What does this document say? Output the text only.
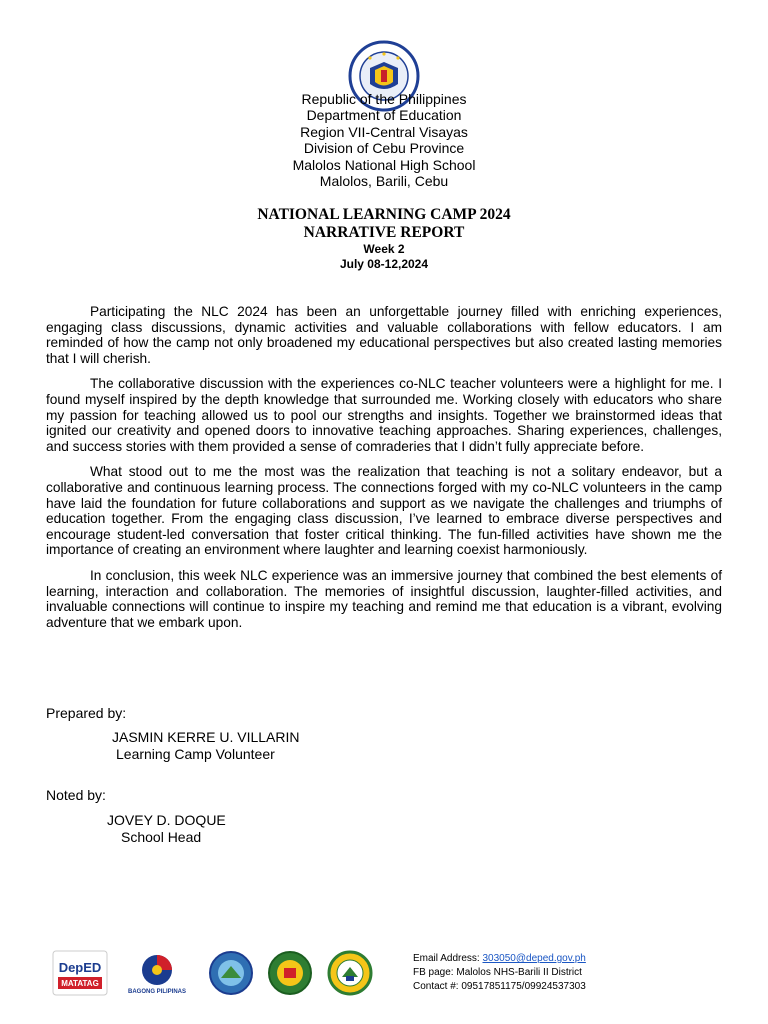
Republic of the Philippines
Department of Education
Region VII-Central Visayas
Division of Cebu Province
Malolos National High School
Malolos, Barili, Cebu
NATIONAL LEARNING CAMP 2024
NARRATIVE REPORT
Week 2
July 08-12,2024

Participating the NLC 2024 has been an unforgettable journey filled with enriching experiences, engaging class discussions, dynamic activities and valuable collaborations with fellow educators. I am reminded of how the camp not only broadened my educational perspectives but also created lasting memories that I will cherish.

The collaborative discussion with the experiences co-NLC teacher volunteers were a highlight for me. I found myself inspired by the depth knowledge that surrounded me. Working closely with educators who share my passion for teaching allowed us to pool our strengths and insights. Together we brainstormed ideas that ignited our creativity and opened doors to innovative teaching approaches. Sharing experiences, challenges, and success stories with them provided a sense of comraderies that I didn’t fully appreciate before.

What stood out to me the most was the realization that teaching is not a solitary endeavor, but a collaborative and continuous learning process. The connections forged with my co-NLC volunteers in the camp have laid the foundation for future collaborations and support as we navigate the challenges and triumphs of education together. From the engaging class discussion, I’ve learned to embrace diverse perspectives and encourage student-led conversation that foster critical thinking. The fun-filled activities have shown me the importance of creating an environment where laughter and learning coexist harmoniously.

In conclusion, this week NLC experience was an immersive journey that combined the best elements of learning, interaction and collaboration. The memories of insightful discussion, laughter-filled activities, and invaluable connections will continue to inspire my teaching and remind me that education is a vibrant, evolving adventure that we embark upon.

Prepared by:
JASMIN KERRE U. VILLARIN
Learning Camp Volunteer
Noted by:
JOVEY D. DOQUE
School Head
DepED
MATATAG
BAGONG PILIPINAS
Email Address: 303050@deped.gov.ph
FB page: Malolos NHS-Barili II District
Contact #: 09517851175/09924537303
